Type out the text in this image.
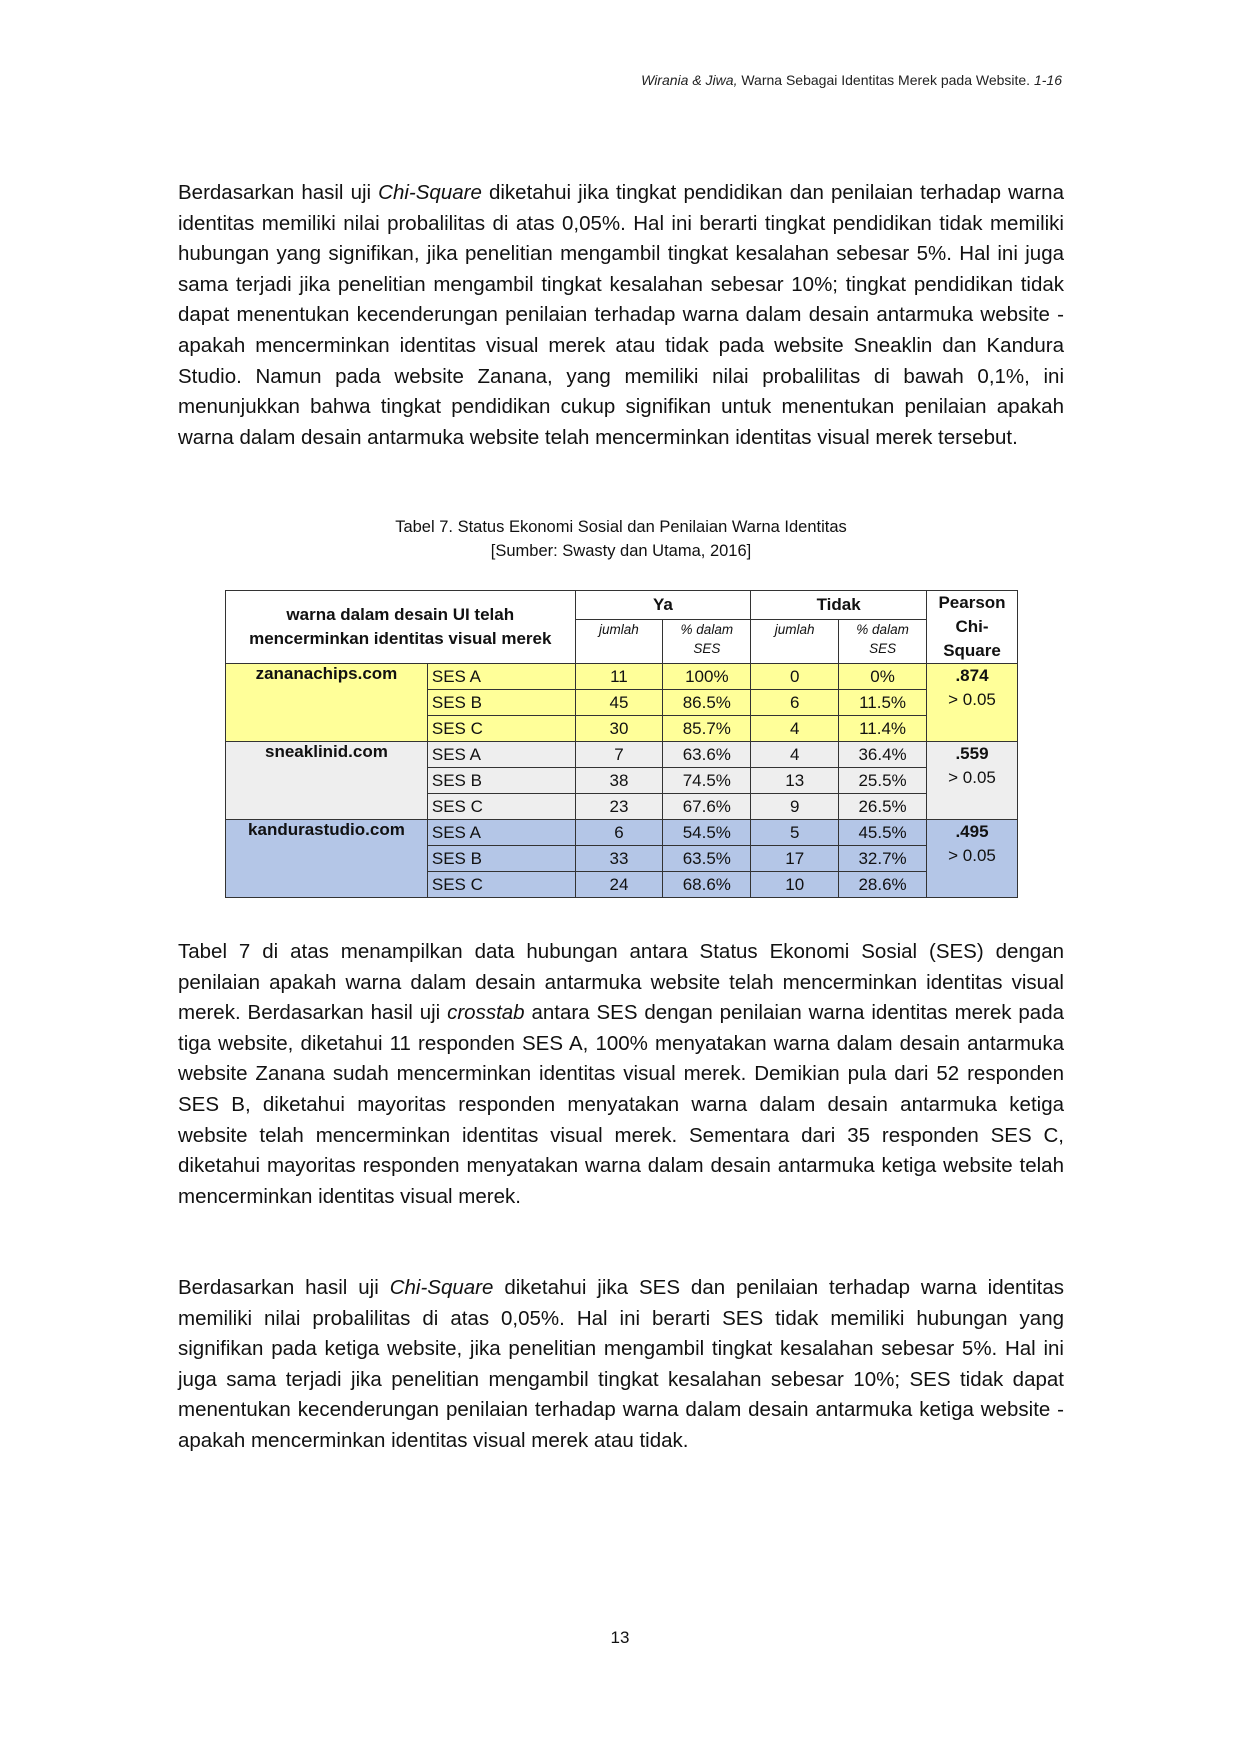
Wirania & Jiwa, Warna Sebagai Identitas Merek pada Website. 1-16

Berdasarkan hasil uji Chi-Square diketahui jika tingkat pendidikan dan penilaian terhadap warna identitas memiliki nilai probalilitas di atas 0,05%. Hal ini berarti tingkat pendidikan tidak memiliki hubungan yang signifikan, jika penelitian mengambil tingkat kesalahan sebesar 5%. Hal ini juga sama terjadi jika penelitian mengambil tingkat kesalahan sebesar 10%; tingkat pendidikan tidak dapat menentukan kecenderungan penilaian terhadap warna dalam desain antarmuka website - apakah mencerminkan identitas visual merek atau tidak pada website Sneaklin dan Kandura Studio. Namun pada website Zanana, yang memiliki nilai probalilitas di bawah 0,1%, ini menunjukkan bahwa tingkat pendidikan cukup signifikan untuk menentukan penilaian apakah warna dalam desain antarmuka website telah mencerminkan identitas visual merek tersebut.

Tabel 7. Status Ekonomi Sosial dan Penilaian Warna Identitas
[Sumber: Swasty dan Utama, 2016]
warna dalam desain UI telah mencerminkan identitas visual merek		Ya		Tidak		Pearson Chi-Square
		jumlah	% dalam SES	jumlah	% dalam SES	
zananachips.com	SES A	11	100%	0	0%	.874
> 0.05
	SES B	45	86.5%	6	11.5%	
	SES C	30	85.7%	4	11.4%	
sneaklinid.com	SES A	7	63.6%	4	36.4%	.559
> 0.05
	SES B	38	74.5%	13	25.5%	
	SES C	23	67.6%	9	26.5%	
kandurastudio.com	SES A	6	54.5%	5	45.5%	.495
> 0.05
	SES B	33	63.5%	17	32.7%	
	SES C	24	68.6%	10	28.6%	

Tabel 7 di atas menampilkan data hubungan antara Status Ekonomi Sosial (SES) dengan penilaian apakah warna dalam desain antarmuka website telah mencerminkan identitas visual merek. Berdasarkan hasil uji crosstab antara SES dengan penilaian warna identitas merek pada tiga website, diketahui 11 responden SES A, 100% menyatakan warna dalam desain antarmuka website Zanana sudah mencerminkan identitas visual merek. Demikian pula dari 52 responden SES B, diketahui mayoritas responden menyatakan warna dalam desain antarmuka ketiga website telah mencerminkan identitas visual merek. Sementara dari 35 responden SES C, diketahui mayoritas responden menyatakan warna dalam desain antarmuka ketiga website telah mencerminkan identitas visual merek.

Berdasarkan hasil uji Chi-Square diketahui jika SES dan penilaian terhadap warna identitas memiliki nilai probalilitas di atas 0,05%. Hal ini berarti SES tidak memiliki hubungan yang signifikan pada ketiga website, jika penelitian mengambil tingkat kesalahan sebesar 5%. Hal ini juga sama terjadi jika penelitian mengambil tingkat kesalahan sebesar 10%; SES tidak dapat menentukan kecenderungan penilaian terhadap warna dalam desain antarmuka ketiga website - apakah mencerminkan identitas visual merek atau tidak.

13
